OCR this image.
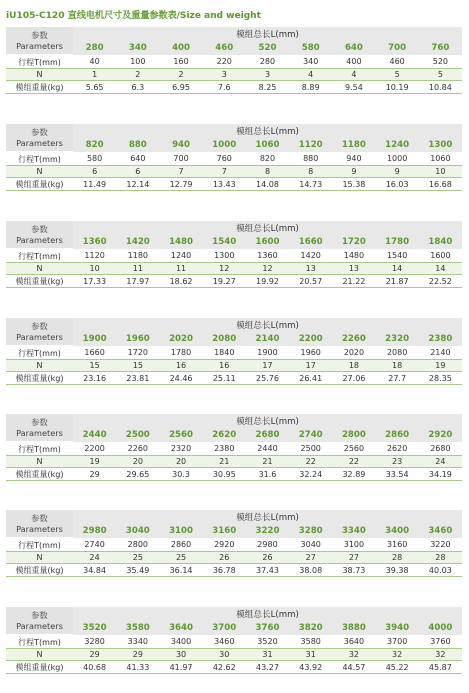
iU105-C120 直线电机尺寸及重量参数表/Size and weight
参数
Parameters	模组总长L(mm)								
	280	340	400	460	520	580	640	700	760
行程T(mm)	40	100	160	220	280	340	400	460	520
N	1	2	2	3	3	4	4	5	5
模组重量(kg)	5.65	6.3	6.95	7.6	8.25	8.89	9.54	10.19	10.84
参数
Parameters	模组总长L(mm)								
	820	880	940	1000	1060	1120	1180	1240	1300
行程T(mm)	580	640	700	760	820	880	940	1000	1060
N	6	6	7	7	8	8	9	9	10
模组重量(kg)	11.49	12.14	12.79	13.43	14.08	14.73	15.38	16.03	16.68
参数
Parameters	模组总长L(mm)								
	1360	1420	1480	1540	1600	1660	1720	1780	1840
行程T(mm)	1120	1180	1240	1300	1360	1420	1480	1540	1600
N	10	11	11	12	12	13	13	14	14
模组重量(kg)	17.33	17.97	18.62	19.27	19.92	20.57	21.22	21.87	22.52
参数
Parameters	模组总长L(mm)								
	1900	1960	2020	2080	2140	2200	2260	2320	2380
行程T(mm)	1660	1720	1780	1840	1900	1960	2020	2080	2140
N	15	15	16	16	17	17	18	18	19
模组重量(kg)	23.16	23.81	24.46	25.11	25.76	26.41	27.06	27.7	28.35
参数
Parameters	模组总长L(mm)								
	2440	2500	2560	2620	2680	2740	2800	2860	2920
行程T(mm)	2200	2260	2320	2380	2440	2500	2560	2620	2680
N	19	20	20	21	21	22	22	23	24
模组重量(kg)	29	29.65	30.3	30.95	31.6	32.24	32.89	33.54	34.19
参数
Parameters	模组总长L(mm)								
	2980	3040	3100	3160	3220	3280	3340	3400	3460
行程T(mm)	2740	2800	2860	2920	2980	3040	3100	3160	3220
N	24	25	25	26	26	27	27	28	28
模组重量(kg)	34.84	35.49	36.14	36.78	37.43	38.08	38.73	39.38	40.03
参数
Parameters	模组总长L(mm)								
	3520	3580	3640	3700	3760	3820	3880	3940	4000
行程T(mm)	3280	3340	3400	3460	3520	3580	3640	3700	3760
N	29	29	30	30	31	31	32	32	32
模组重量(kg)	40.68	41.33	41.97	42.62	43.27	43.92	44.57	45.22	45.87
